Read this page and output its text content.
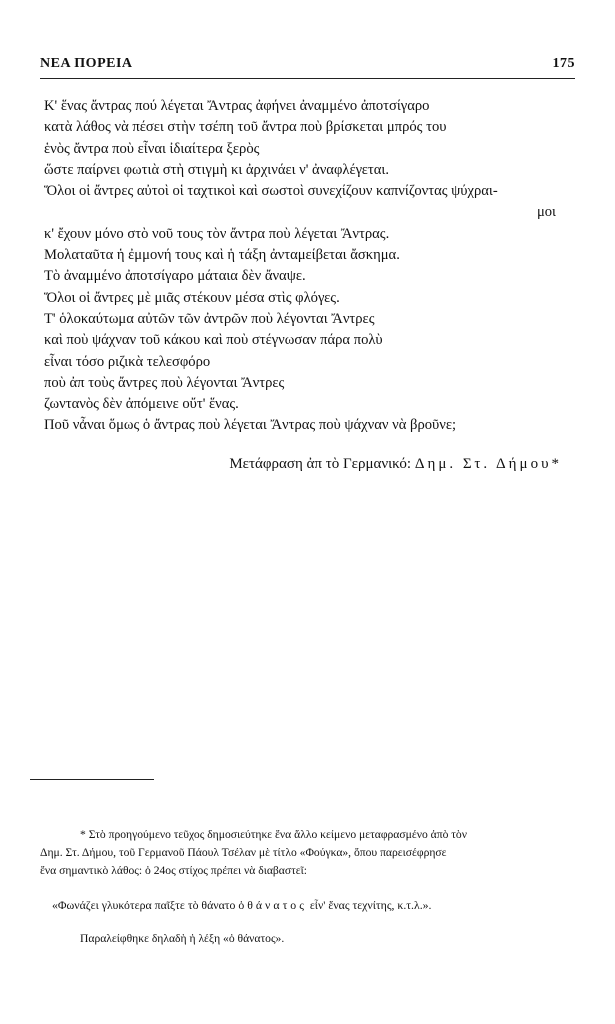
ΝΕΑ ΠΟΡΕΙΑ	175
Κ' ἕνας ἄντρας πού λέγεται Ἄντρας ἀφήνει ἀναμμένο ἀποτσίγαρο
κατὰ λάθος νὰ πέσει στὴν τσέπη τοῦ ἄντρα ποὺ βρίσκεται μπρός του
ἑνὸς ἄντρα ποὺ εἶναι ἰδιαίτερα ξερὸς
ὥστε παίρνει φωτιὰ στὴ στιγμὴ κι ἀρχινάει ν' ἀναφλέγεται.
Ὅλοι οἱ ἄντρες αὐτοὶ οἱ ταχτικοὶ καὶ σωστοὶ συνεχίζουν καπνίζοντας ψύχραι-
μοι
κ' ἔχουν μόνο στὸ νοῦ τους τὸν ἄντρα ποὺ λέγεται Ἄντρας.
Μολαταῦτα ἡ ἐμμονή τους καὶ ἡ τάξη ἀνταμείβεται ἄσκημα.
Τὸ ἀναμμένο ἀποτσίγαρο μάταια δὲν ἄναψε.
Ὅλοι οἱ ἄντρες μὲ μιᾶς στέκουν μέσα στὶς φλόγες.
Τ' ὁλοκαύτωμα αὐτῶν τῶν ἀντρῶν ποὺ λέγονται Ἄντρες
καὶ ποὺ ψάχναν τοῦ κάκου καὶ ποὺ στέγνωσαν πάρα πολὺ
εἶναι τόσο ριζικὰ τελεσφόρο
ποὺ ἀπ τοὺς ἄντρες ποὺ λέγονται Ἄντρες
ζωντανὸς δὲν ἀπόμεινε οὔτ' ἕνας.
Ποῦ νἆναι ὅμως ὁ ἄντρας ποὺ λέγεται Ἄντρας ποὺ ψάχναν νὰ βροῦνε;
Μετάφραση ἀπ τὸ Γερμανικό: Δημ. Στ. Δήμου*
* Στὸ προηγούμενο τεῦχος δημοσιεύτηκε ἕνα ἄλλο κείμενο μεταφρασμένο ἀπὸ τὸν
Δημ. Στ. Δήμου, τοῦ Γερμανοῦ Πάουλ Τσέλαν μὲ τίτλο «Φούγκα», ὅπου παρεισέφρησε
ἕνα σημαντικὸ λάθος: ὁ 24ος στίχος πρέπει νὰ διαβαστεῖ:
«Φωνάζει γλυκότερα παῖξτε τὸ θάνατο ὁ θάνατος εἶν' ἕνας τεχνίτης, κ.τ.λ.».
Παραλείφθηκε δηλαδὴ ἡ λέξη «ὁ θάνατος».
